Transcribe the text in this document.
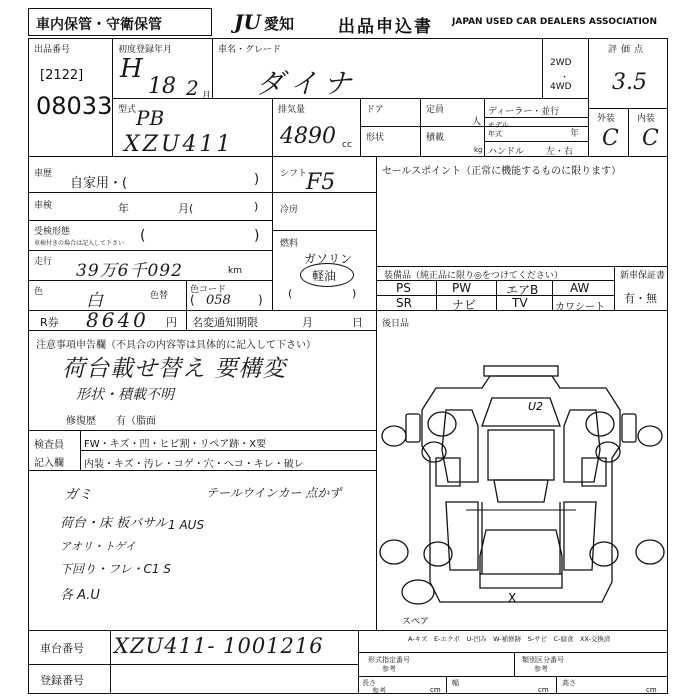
車内保管・守衛保管	JU 愛知	出品申込書 JAPAN USED CAR DEALERS ASSOCIATION
出品番号
[2122]
08033
初度登録年月
H
18 2 月
車名・グレード
ダイナ
2WD
・
4WD
評価点
3.5
外装 内装
C C
型式 PB
XZU411
排気量
4890 cc
ドア	定員
人
形状	積載
kg
ディーラー・並行
モデル
年式	年
ハンドル 左・右
車歴
自家用・(	)
車検	年	月(	)
受検形態
車検付きの場合は記入して下さい (	)
走行 39万6千092	km
色	白	色替
色コード
( 058 )
シフト
F5
冷房
燃料
ガソリン
軽油
(	)
セールスポイント（正常に機能するものに限ります）
装備品（純正品に限り◎をつけてください）
PS	PW	エアB	AW
SR	ナビ	TV	カワシート
新車保証書
有・無
R券 8640 円 名変通知期限	月	日 後日品
注意事項申告欄（不具合の内容等は具体的に記入して下さい）
荷台載せ替え 要構変
形状・積載不明
修復歴 有（脂面
検査員
記入欄
FW・キズ・凹・ヒビ割・リペア跡・X要
内装・キズ・汚レ・コゲ・穴・ヘコ・キレ・破レ
ガミ
荷台・床 板バサル 1 AUS
アオリ・トゲイ
下回り・フレ・C1 S
各 A.U
テールウインカー 点かず
U2
X
スペア
車台番号 XZU411- 1001216
登録番号
A-キズ　E-エクボ　U-凹み　W-補修跡　S-サビ　C-腐食　XX-交換済
形式指定番号
参考
類別区分番号
参考
長さ
参考	cm
幅
cm
高さ
cm
